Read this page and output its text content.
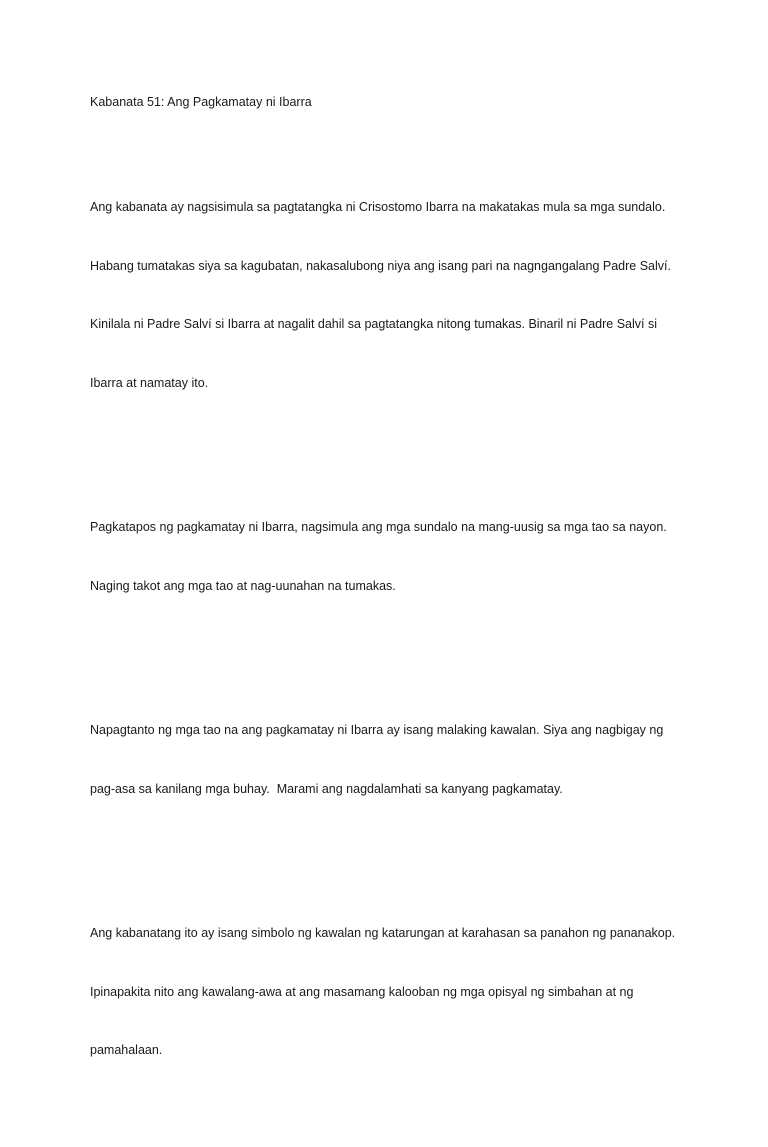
Kabanata 51: Ang Pagkamatay ni Ibarra

Ang kabanata ay nagsisimula sa pagtatangka ni Crisostomo Ibarra na makatakas mula sa mga sundalo.

Habang tumatakas siya sa kagubatan, nakasalubong niya ang isang pari na nagngangalang Padre Salví.

Kinilala ni Padre Salví si Ibarra at nagalit dahil sa pagtatangka nitong tumakas. Binaril ni Padre Salví si

Ibarra at namatay ito.

Pagkatapos ng pagkamatay ni Ibarra, nagsimula ang mga sundalo na mang-uusig sa mga tao sa nayon.

Naging takot ang mga tao at nag-uunahan na tumakas.

Napagtanto ng mga tao na ang pagkamatay ni Ibarra ay isang malaking kawalan. Siya ang nagbigay ng

pag-asa sa kanilang mga buhay.  Marami ang nagdalamhati sa kanyang pagkamatay.

Ang kabanatang ito ay isang simbolo ng kawalan ng katarungan at karahasan sa panahon ng pananakop.

Ipinapakita nito ang kawalang-awa at ang masamang kalooban ng mga opisyal ng simbahan at ng

pamahalaan.
